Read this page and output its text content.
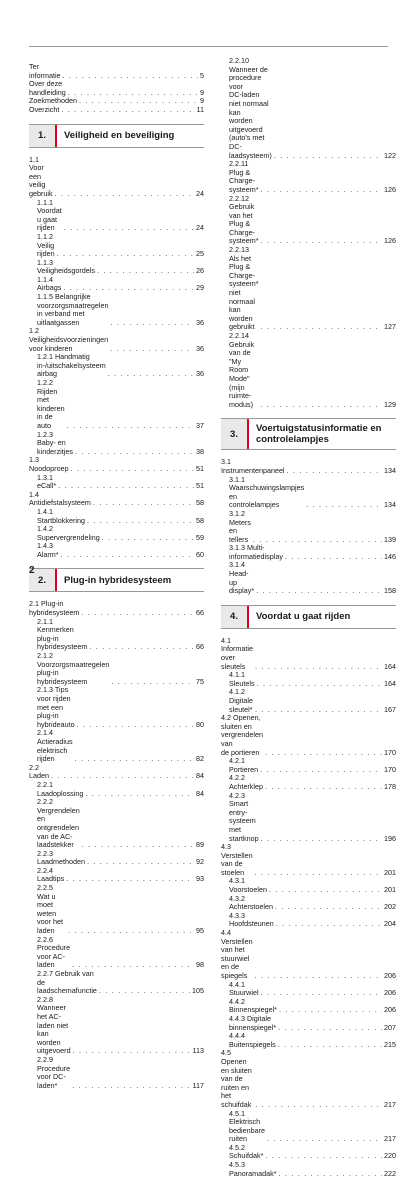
Ter informatie . . .	5
Over deze handleiding . . .	9
Zoekmethoden . . .	9
Overzicht . . .	11
1.	Veiligheid en beveiliging
1.1 Voor een veilig gebruik . . .	24
1.1.1 Voordat u gaat rijden . . .	24
1.1.2 Veilig rijden . . .	25
1.1.3 Veiligheidsgordels . . .	26
1.1.4 Airbags . . .	29
1.1.5 Belangrijke voorzorgsmaatregelen
in verband met uitlaatgassen . . .	36
1.2 Veiligheidsvoorzieningen voor kinderen . . .	36
1.2.1 Handmatig in-/uitschakelsysteem
airbag . . .	36
1.2.2 Rijden met kinderen in de auto . . .	37
1.2.3 Baby- en kinderzitjes . . .	38
1.3 Noodoproep . . .	51
1.3.1 eCall* . . .	51
1.4 Antidiefstalsysteem . . .	58
1.4.1 Startblokkering . . .	58
1.4.2 Supervergrendeling . . .	59
1.4.3 Alarm* . . .	60
2.	Plug-in hybridesysteem
2.1 Plug-in hybridesysteem . . .	66
2.1.1 Kenmerken plug-in
hybridesysteem . . .	66
2.1.2 Voorzorgsmaatregelen plug-in
hybridesysteem . . .	75
2.1.3 Tips voor rijden met een plug-in
hybrideauto . . .	80
2.1.4 Actieradius elektrisch rijden . . .	82
2.2 Laden . . .	84
2.2.1 Laadoplossing . . .	84
2.2.2 Vergrendelen en ontgrendelen
van de AC-laadstekker . . .	89
2.2.3 Laadmethoden . . .	92
2.2.4 Laadtips . . .	93
2.2.5 Wat u moet weten voor het laden . . .	95
2.2.6 Procedure voor AC-laden . . .	98
2.2.7 Gebruik van de
laadschemafunctie . . .	105
2.2.8 Wanneer het AC-laden niet kan
worden uitgevoerd . . .	113
2.2.9 Procedure voor DC-laden* . . .	117
2.2.10 Wanneer de procedure voor
DC-laden niet normaal kan
worden uitgevoerd (auto's met
DC-laadsysteem) . . .	122
2.2.11 Plug & Charge-systeem* . . .	126
2.2.12 Gebruik van het Plug &
Charge-systeem* . . .	126
2.2.13 Als het Plug & Charge-systeem*
niet normaal kan worden
gebruikt . . .	127
2.2.14 Gebruik van de "My Room Mode"
(mijn ruimte-modus) . . .	129
3.	Voertuigstatusinformatie en
controlelampjes
3.1 Instrumentenpaneel . . .	134
3.1.1 Waarschuwingslampjes en
controlelampjes . . .	134
3.1.2 Meters en tellers . . .	139
3.1.3 Multi-informatiedisplay . . .	146
3.1.4 Head-up display* . . .	158
4.	Voordat u gaat rijden
4.1 Informatie over sleutels . . .	164
4.1.1 Sleutels . . .	164
4.1.2 Digitale sleutel* . . .	167
4.2 Openen, sluiten en vergrendelen van
de portieren . . .	170
4.2.1 Portieren . . .	170
4.2.2 Achterklep . . .	178
4.2.3 Smart entry-systeem met
startknop . . .	196
4.3 Verstellen van de stoelen . . .	201
4.3.1 Voorstoelen . . .	201
4.3.2 Achterstoelen . . .	202
4.3.3 Hoofdsteunen . . .	204
4.4 Verstellen van het stuurwiel en de
spiegels . . .	206
4.4.1 Stuurwiel . . .	206
4.4.2 Binnenspiegel* . . .	206
4.4.3 Digitale binnenspiegel* . . .	207
4.4.4 Buitenspiegels . . .	215
4.5 Openen en sluiten van de ruiten en het
schuifdak . . .	217
4.5.1 Elektrisch bedienbare ruiten . . .	217
4.5.2 Schuifdak* . . .	220
4.5.3 Panoramadak* . . .	222
2
